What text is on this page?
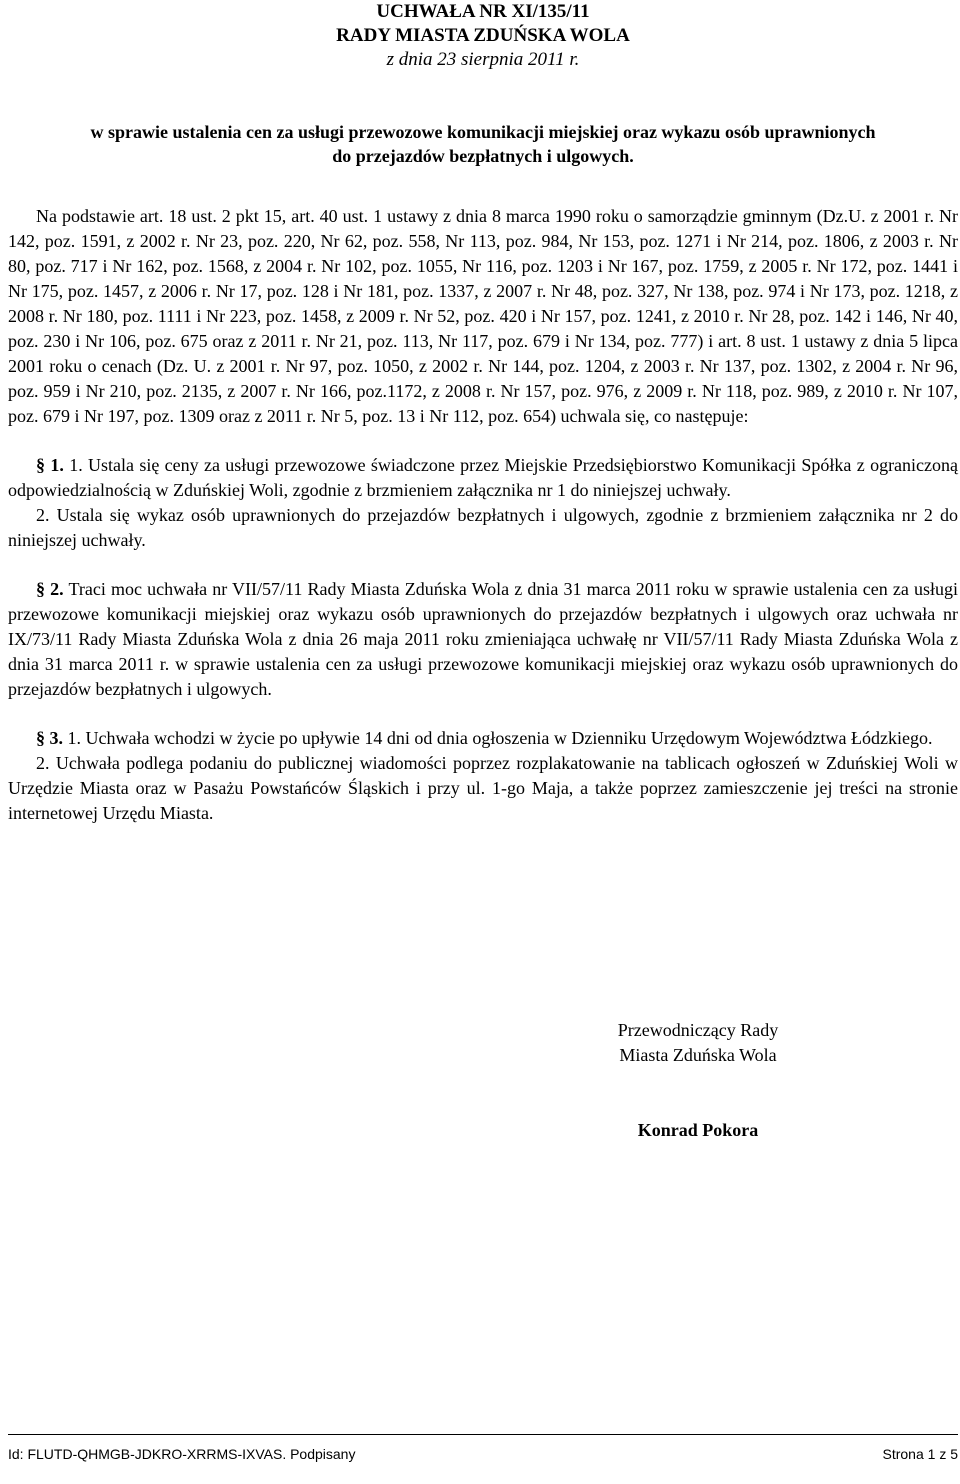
UCHWAŁA NR XI/135/11
RADY MIASTA ZDUŃSKA WOLA
z dnia 23 sierpnia 2011 r.
w sprawie ustalenia cen za usługi przewozowe komunikacji miejskiej oraz wykazu osób uprawnionych
do przejazdów bezpłatnych i ulgowych.

Na podstawie art. 18 ust. 2 pkt 15, art. 40 ust. 1 ustawy z dnia 8 marca 1990 roku o samorządzie gminnym (Dz.U. z 2001 r. Nr 142, poz. 1591, z 2002 r. Nr 23, poz. 220, Nr 62, poz. 558, Nr 113, poz. 984, Nr 153, poz. 1271 i Nr 214, poz. 1806, z 2003 r. Nr 80, poz. 717 i Nr 162, poz. 1568, z 2004 r. Nr 102, poz. 1055, Nr 116, poz. 1203 i Nr 167, poz. 1759, z 2005 r. Nr 172, poz. 1441 i Nr 175, poz. 1457, z 2006 r. Nr 17, poz. 128 i Nr 181, poz. 1337, z 2007 r. Nr 48, poz. 327, Nr 138, poz. 974 i Nr 173, poz. 1218, z 2008 r. Nr 180, poz. 1111 i Nr 223, poz. 1458, z 2009 r. Nr 52, poz. 420 i Nr 157, poz. 1241, z 2010 r. Nr 28, poz. 142 i 146, Nr 40, poz. 230 i Nr 106, poz. 675 oraz z 2011 r. Nr 21, poz. 113, Nr 117, poz. 679 i Nr 134, poz. 777) i art. 8 ust. 1 ustawy z dnia 5 lipca 2001 roku o cenach (Dz. U. z 2001 r. Nr 97, poz. 1050, z 2002 r. Nr 144, poz. 1204, z 2003 r. Nr 137, poz. 1302, z 2004 r. Nr 96, poz. 959 i Nr 210, poz. 2135, z 2007 r. Nr 166, poz.1172, z 2008 r. Nr 157, poz. 976, z 2009 r. Nr 118, poz. 989, z 2010 r. Nr 107, poz. 679 i Nr 197, poz. 1309 oraz z 2011 r. Nr 5, poz. 13 i Nr 112, poz. 654) uchwala się, co następuje:

§ 1. 1. Ustala się ceny za usługi przewozowe świadczone przez Miejskie Przedsiębiorstwo Komunikacji Spółka z ograniczoną odpowiedzialnością w Zduńskiej Woli, zgodnie z brzmieniem załącznika nr 1 do niniejszej uchwały.

2. Ustala się wykaz osób uprawnionych do przejazdów bezpłatnych i ulgowych, zgodnie z brzmieniem załącznika nr 2 do niniejszej uchwały.

§ 2. Traci moc uchwała nr VII/57/11 Rady Miasta Zduńska Wola z dnia 31 marca 2011 roku w sprawie ustalenia cen za usługi przewozowe komunikacji miejskiej oraz wykazu osób uprawnionych do przejazdów bezpłatnych i ulgowych oraz uchwała nr IX/73/11 Rady Miasta Zduńska Wola z dnia 26 maja 2011 roku zmieniająca uchwałę nr VII/57/11 Rady Miasta Zduńska Wola z dnia 31 marca 2011 r. w sprawie ustalenia cen za usługi przewozowe komunikacji miejskiej oraz wykazu osób uprawnionych do przejazdów bezpłatnych i ulgowych.

§ 3. 1. Uchwała wchodzi w życie po upływie 14 dni od dnia ogłoszenia w Dzienniku Urzędowym Województwa Łódzkiego.

2. Uchwała podlega podaniu do publicznej wiadomości poprzez rozplakatowanie na tablicach ogłoszeń w Zduńskiej Woli w Urzędzie Miasta oraz w Pasażu Powstańców Śląskich i przy ul. 1-go Maja, a także poprzez zamieszczenie jej treści na stronie internetowej Urzędu Miasta.

Przewodniczący Rady
Miasta Zduńska Wola
Konrad Pokora
Id: FLUTD-QHMGB-JDKRO-XRRMS-IXVAS. Podpisany	Strona 1 z 5
